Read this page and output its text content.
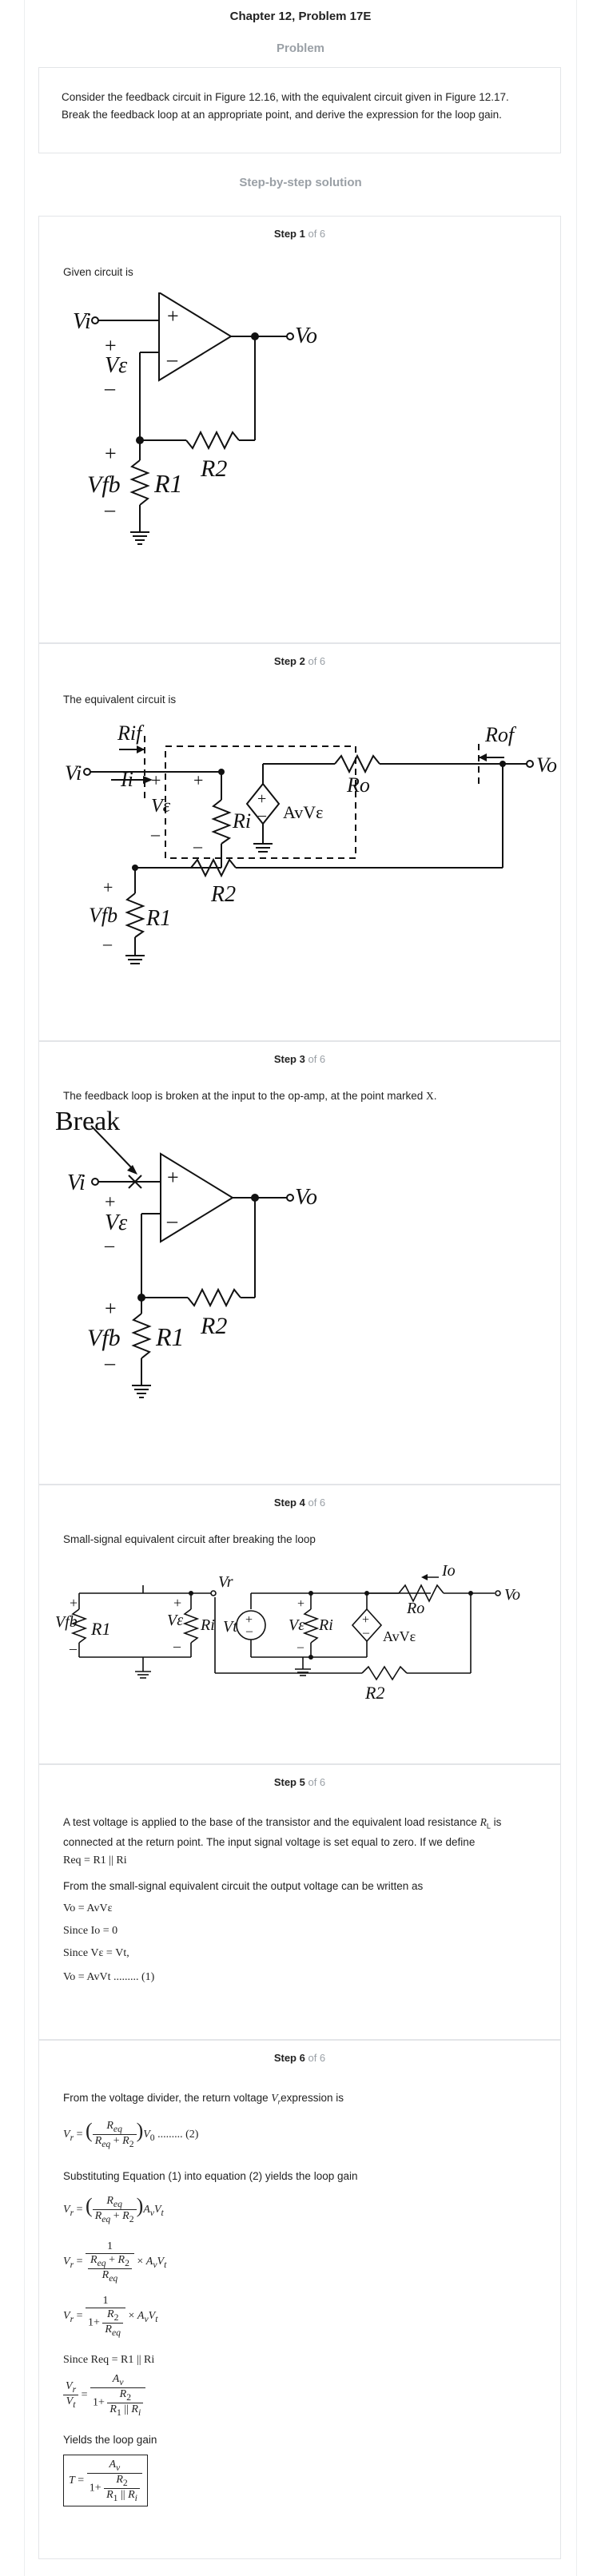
Chapter 12, Problem 17E
Problem
Consider the feedback circuit in Figure 12.16, with the equivalent circuit given in Figure 12.17. Break the feedback loop at an appropriate point, and derive the expression for the loop gain.
Step-by-step solution
Step 1 of 6
Given circuit is
Vi	+
–
Vo
+
Vε
–
R2
+
Vfb
–
R1
Step 2 of 6
The equivalent circuit is
Vi
Rif
Ii +
Vε
–
+
Ri
–
Ro
+
– AvVε
Rof
Vo
R2
+
Vfb
–
R1
Step 3 of 6
The feedback loop is broken at the input to the op-amp, at the point marked X.
Break
Vi	+
–
Vo
+
Vε
–
R2
+
Vfb
–
R1
Step 4 of 6
Small-signal equivalent circuit after breaking the loop
Vfb
+
–
R1	Vε
+
–
Ri
Vr
Vt +
– Vε Ri
+
–
+
– AvVε
Ro
Io
Vo
R2
Step 5 of 6
A test voltage is applied to the base of the transistor and the equivalent load resistance $R_L$ is connected at the return point. The input signal voltage is set equal to zero. If we define
Req = R1 || Ri
From the small-signal equivalent circuit the output voltage can be written as
Vo = AvVε
Since Io = 0
Since Vε = Vt,
Vo = AvVt ......... (1)
Step 6 of 6
From the voltage divider, the return voltage $V_rexpression$ is
$V_r$ = ( $\frac{R_{eq}}{R_{eq} + R_2} )V_0$ ......... (2)
Substituting Equation (1) into equation (2) yields the loop gain
$V_r$ = ( $\frac{R_{eq}}{R_{eq} + R_2} )A_vV_t$
$V_r = \frac{1}{\frac{R_{eq} + R_2}{R_{eq}}} \times A_vV_t$
$V_r = \frac{1}{1+ \frac{R_2}{R_{eq}}} \times A_vV_t$
Since Req = R1 || Ri
$\frac{V_r}{V_t} = \frac{A_v}{1+ \frac{R_2}{R_1 || R_i}}$
Yields the loop gain
$T = \frac{A_v}{1+ \frac{R_2}{R_1 || R_i}}$
